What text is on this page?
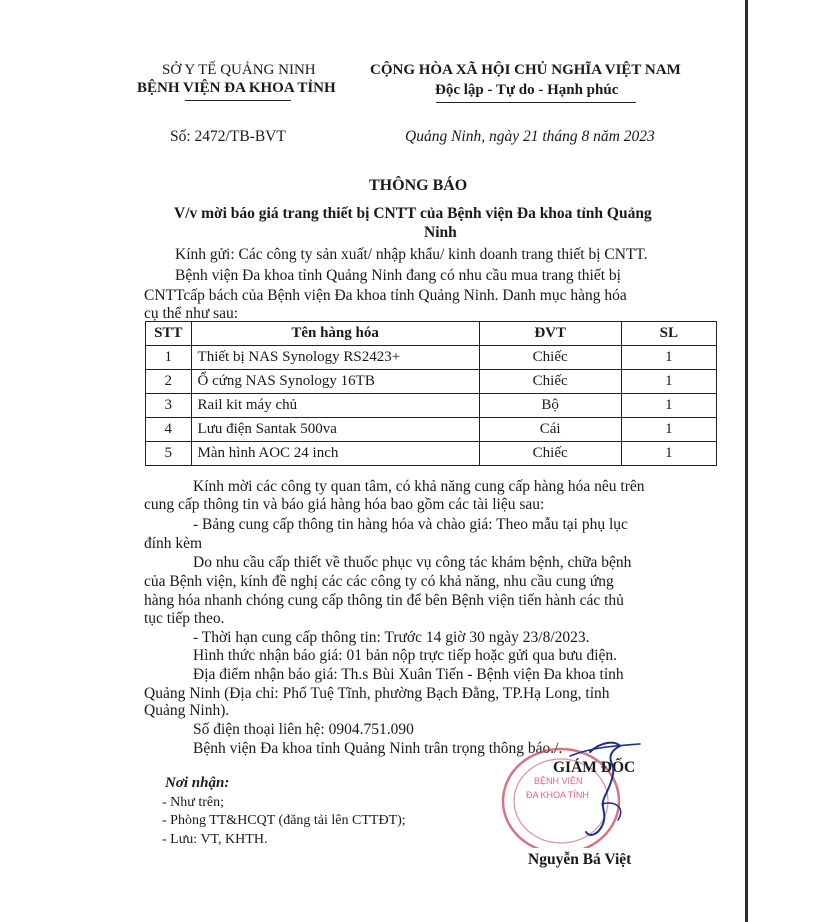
SỞ Y TẾ QUẢNG NINH
BỆNH VIỆN ĐA KHOA TỈNH
CỘNG HÒA XÃ HỘI CHỦ NGHĨA VIỆT NAM
Độc lập - Tự do - Hạnh phúc
Số: 2472/TB-BVT	Quảng Ninh, ngày 21 tháng 8 năm 2023
THÔNG BÁO
V/v mời báo giá trang thiết bị CNTT của Bệnh viện Đa khoa tỉnh Quảng
Ninh
Kính gửi: Các công ty sản xuất/ nhập khẩu/ kinh doanh trang thiết bị CNTT.
Bệnh viện Đa khoa tỉnh Quảng Ninh đang có nhu cầu mua trang thiết bị
CNTTcấp bách của Bệnh viện Đa khoa tỉnh Quảng Ninh. Danh mục hàng hóa
cụ thể như sau:
STT	Tên hàng hóa	ĐVT	SL
1	Thiết bị NAS Synology RS2423+	Chiếc	1
2	Ổ cứng NAS Synology 16TB	Chiếc	1
3	Rail kit máy chủ	Bộ	1
4	Lưu điện Santak 500va	Cái	1
5	Màn hình AOC 24 inch	Chiếc	1
Kính mời các công ty quan tâm, có khả năng cung cấp hàng hóa nêu trên
cung cấp thông tin và báo giá hàng hóa bao gồm các tài liệu sau:
- Bảng cung cấp thông tin hàng hóa và chào giá: Theo mẫu tại phụ lục
đính kèm
Do nhu cầu cấp thiết về thuốc phục vụ công tác khám bệnh, chữa bệnh
của Bệnh viện, kính đề nghị các các công ty có khả năng, nhu cầu cung ứng
hàng hóa nhanh chóng cung cấp thông tin để bên Bệnh viện tiến hành các thủ
tục tiếp theo.
- Thời hạn cung cấp thông tin: Trước 14 giờ 30 ngày 23/8/2023.
Hình thức nhận báo giá: 01 bản nộp trực tiếp hoặc gửi qua bưu điện.
Địa điểm nhận báo giá: Th.s Bùi Xuân Tiến - Bệnh viện Đa khoa tỉnh
Quảng Ninh (Địa chỉ: Phố Tuệ Tĩnh, phường Bạch Đằng, TP.Hạ Long, tỉnh
Quảng Ninh).
Số điện thoại liên hệ: 0904.751.090
Bệnh viện Đa khoa tỉnh Quảng Ninh trân trọng thông báo./.
Nơi nhận:
- Như trên;
- Phòng TT&HCQT (đăng tải lên CTTĐT);
- Lưu: VT, KHTH.
BỆNH VIỆN
ĐA KHOA TỈNH
GIÁM ĐỐC
Nguyễn Bá Việt
